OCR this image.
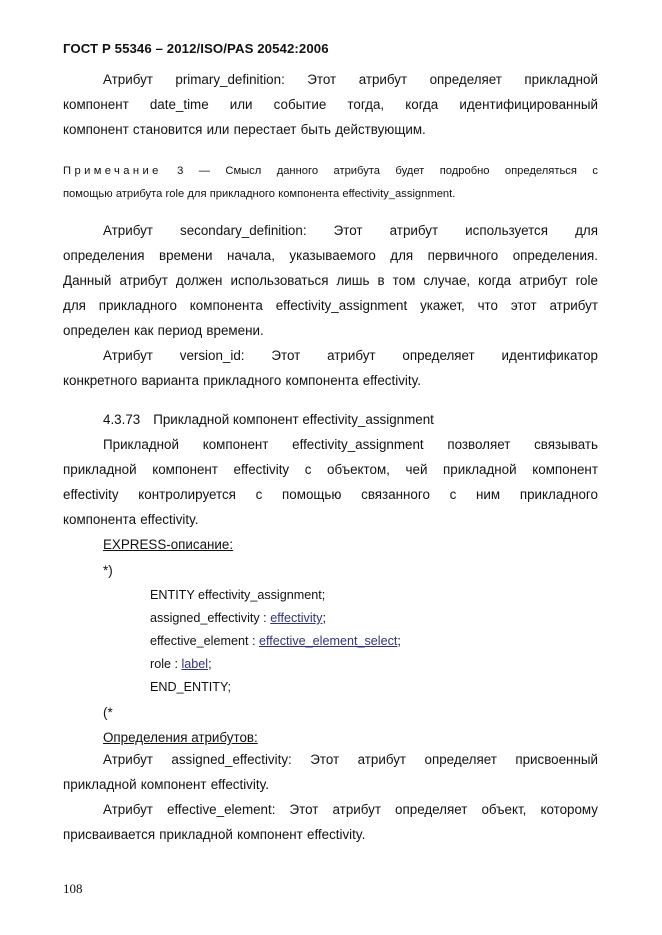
ГОСТ Р 55346 – 2012/ISO/PAS 20542:2006
Атрибут primary_definition: Этот атрибут определяет прикладной
компонент date_time или событие тогда, когда идентифицированный
компонент становится или перестает быть действующим.
Примечание 3 — Смысл данного атрибута будет подробно определяться с
помощью атрибута role для прикладного компонента effectivity_assignment.
Атрибут secondary_definition: Этот атрибут используется для
определения времени начала, указываемого для первичного определения.
Данный атрибут должен использоваться лишь в том случае, когда атрибут role
для прикладного компонента effectivity_assignment укажет, что этот атрибут
определен как период времени.
Атрибут version_id: Этот атрибут определяет идентификатор
конкретного варианта прикладного компонента effectivity.
4.3.73 Прикладной компонент effectivity_assignment
Прикладной компонент effectivity_assignment позволяет связывать
прикладной компонент effectivity с объектом, чей прикладной компонент
effectivity контролируется с помощью связанного с ним прикладного
компонента effectivity.
EXPRESS-описание:
*)
ENTITY effectivity_assignment;
assigned_effectivity : effectivity;
effective_element : effective_element_select;
role : label;
END_ENTITY;
(*
Определения атрибутов:
Атрибут assigned_effectivity: Этот атрибут определяет присвоенный
прикладной компонент effectivity.
Атрибут effective_element: Этот атрибут определяет объект, которому
присваивается прикладной компонент effectivity.
108
